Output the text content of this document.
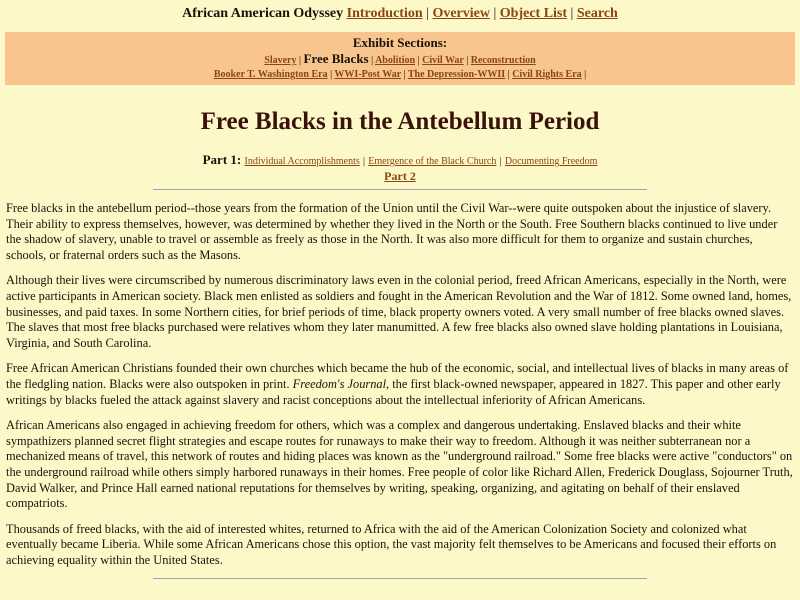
African American Odyssey Introduction | Overview | Object List | Search
Exhibit Sections:
Slavery | Free Blacks | Abolition | Civil War | Reconstruction
Booker T. Washington Era | WWI-Post War | The Depression-WWII | Civil Rights Era |
Free Blacks in the Antebellum Period
Part 1: Individual Accomplishments | Emergence of the Black Church | Documenting Freedom
Part 2

Free blacks in the antebellum period--those years from the formation of the Union until the Civil War--were quite outspoken about the injustice of slavery. Their ability to express themselves, however, was determined by whether they lived in the North or the South. Free Southern blacks continued to live under the shadow of slavery, unable to travel or assemble as freely as those in the North. It was also more difficult for them to organize and sustain churches, schools, or fraternal orders such as the Masons.

Although their lives were circumscribed by numerous discriminatory laws even in the colonial period, freed African Americans, especially in the North, were active participants in American society. Black men enlisted as soldiers and fought in the American Revolution and the War of 1812. Some owned land, homes, businesses, and paid taxes. In some Northern cities, for brief periods of time, black property owners voted. A very small number of free blacks owned slaves. The slaves that most free blacks purchased were relatives whom they later manumitted. A few free blacks also owned slave holding plantations in Louisiana, Virginia, and South Carolina.

Free African American Christians founded their own churches which became the hub of the economic, social, and intellectual lives of blacks in many areas of the fledgling nation. Blacks were also outspoken in print. Freedom's Journal, the first black-owned newspaper, appeared in 1827. This paper and other early writings by blacks fueled the attack against slavery and racist conceptions about the intellectual inferiority of African Americans.

African Americans also engaged in achieving freedom for others, which was a complex and dangerous undertaking. Enslaved blacks and their white sympathizers planned secret flight strategies and escape routes for runaways to make their way to freedom. Although it was neither subterranean nor a mechanized means of travel, this network of routes and hiding places was known as the "underground railroad." Some free blacks were active "conductors" on the underground railroad while others simply harbored runaways in their homes. Free people of color like Richard Allen, Frederick Douglass, Sojourner Truth, David Walker, and Prince Hall earned national reputations for themselves by writing, speaking, organizing, and agitating on behalf of their enslaved compatriots.

Thousands of freed blacks, with the aid of interested whites, returned to Africa with the aid of the American Colonization Society and colonized what eventually became Liberia. While some African Americans chose this option, the vast majority felt themselves to be Americans and focused their efforts on achieving equality within the United States.
